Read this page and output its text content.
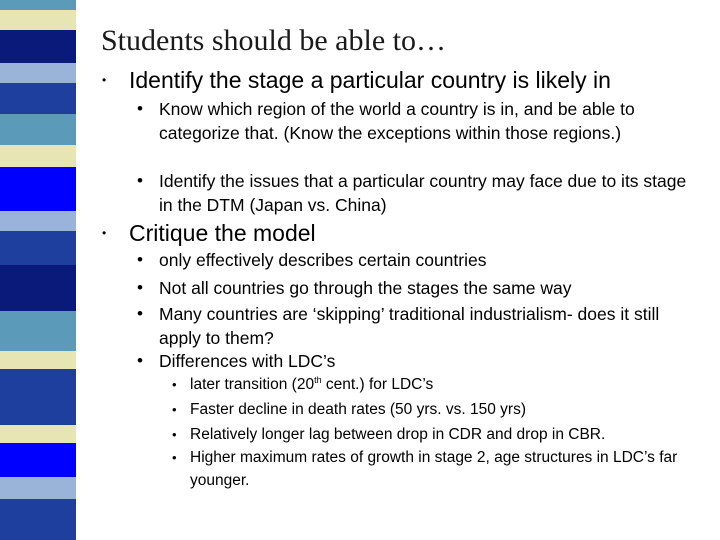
Students should be able to…
• Identify the stage a particular country is likely in
• Know which region of the world a country is in, and be able to categorize that. (Know the exceptions within those regions.)
• Identify the issues that a particular country may face due to its stage in the DTM (Japan vs. China)
• Critique the model
• only effectively describes certain countries
• Not all countries go through the stages the same way
• Many countries are ‘skipping’ traditional industrialism- does it still apply to them?
• Differences with LDC’s
• later transition (20th cent.) for LDC’s
• Faster decline in death rates (50 yrs. vs. 150 yrs)
• Relatively longer lag between drop in CDR and drop in CBR.
• Higher maximum rates of growth in stage 2, age structures in LDC’s far younger.
